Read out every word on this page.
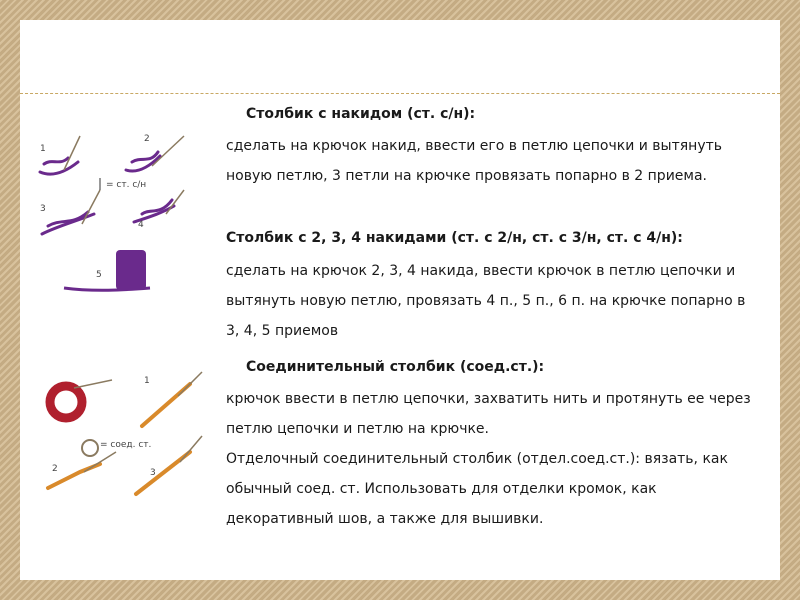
1
2
3
4
5
= ст. с/н
1
2	3
= соед. ст.

Столбик с накидом (ст. с/н):

сделать на крючок накид, ввести его в петлю цепочки и вытянуть

новую петлю, 3 петли на крючке провязать попарно в 2 приема.

Столбик с 2, 3, 4 накидами (ст. с 2/н, ст. с 3/н, ст. с 4/н):

сделать на крючок 2, 3, 4 накида, ввести крючок в петлю цепочки и

вытянуть новую петлю, провязать 4 п., 5 п., 6 п. на крючке попарно в

3, 4, 5 приемов

Соединительный столбик (соед.ст.):

крючок ввести в петлю цепочки, захватить нить и протянуть ее через

петлю цепочки и петлю на крючке.

Отделочный соединительный столбик (отдел.соед.ст.): вязать, как

обычный соед. ст. Использовать для отделки кромок, как

декоративный шов, а также для вышивки.
